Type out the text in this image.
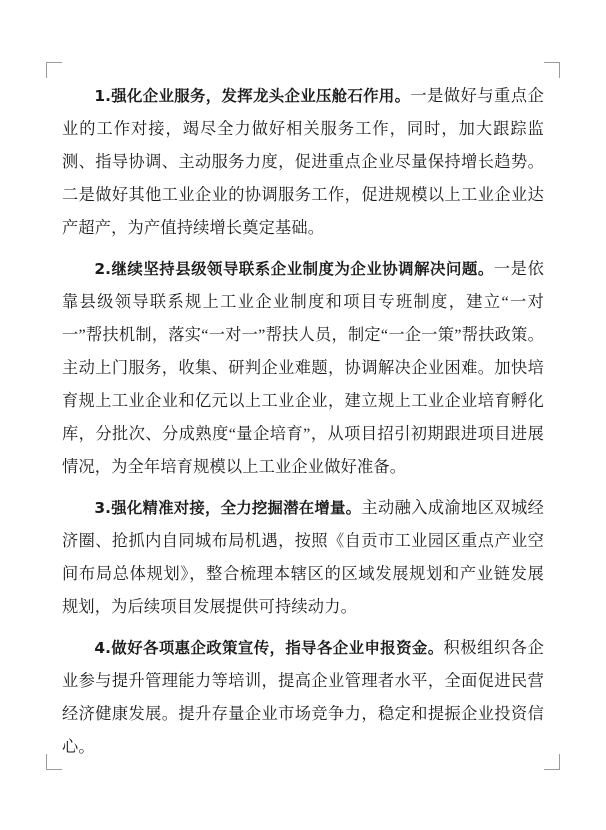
1.强化企业服务，发挥龙头企业压舱石作用。一是做好与重点企业的工作对接，竭尽全力做好相关服务工作，同时，加大跟踪监测、指导协调、主动服务力度，促进重点企业尽量保持增长趋势。二是做好其他工业企业的协调服务工作，促进规模以上工业企业达产超产，为产值持续增长奠定基础。

2.继续坚持县级领导联系企业制度为企业协调解决问题。一是依靠县级领导联系规上工业企业制度和项目专班制度，建立“一对一”帮扶机制，落实“一对一”帮扶人员，制定“一企一策”帮扶政策。主动上门服务，收集、研判企业难题，协调解决企业困难。加快培育规上工业企业和亿元以上工业企业，建立规上工业企业培育孵化库，分批次、分成熟度“量企培育”，从项目招引初期跟进项目进展情况，为全年培育规模以上工业企业做好准备。

3.强化精准对接，全力挖掘潜在增量。主动融入成渝地区双城经济圈、抢抓内自同城布局机遇，按照《自贡市工业园区重点产业空间布局总体规划》，整合梳理本辖区的区域发展规划和产业链发展规划，为后续项目发展提供可持续动力。

4.做好各项惠企政策宣传，指导各企业申报资金。积极组织各企业参与提升管理能力等培训，提高企业管理者水平，全面促进民营经济健康发展。提升存量企业市场竞争力，稳定和提振企业投资信心。
